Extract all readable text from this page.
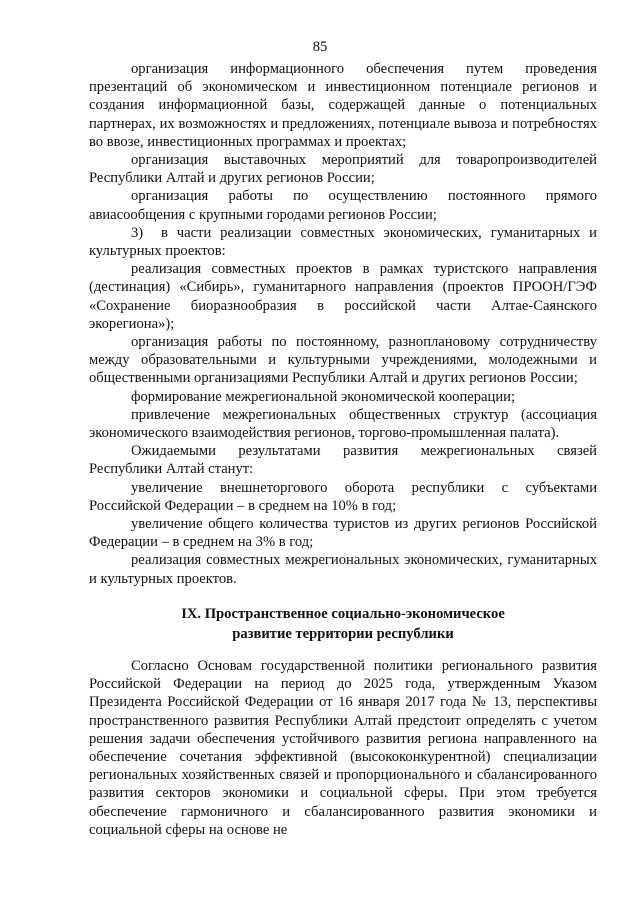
85

организация информационного обеспечения путем проведения презентаций об экономическом и инвестиционном потенциале регионов и создания информационной базы, содержащей данные о потенциальных партнерах, их возможностях и предложениях, потенциале вывоза и потребностях во ввозе, инвестиционных программах и проектах;

организация выставочных мероприятий для товаропроизводителей Республики Алтай и других регионов России;

организация работы по осуществлению постоянного прямого авиасообщения с крупными городами регионов России;

3) в части реализации совместных экономических, гуманитарных и культурных проектов:

реализация совместных проектов в рамках туристского направления (дестинация) «Сибирь», гуманитарного направления (проектов ПРООН/ГЭФ «Сохранение биоразнообразия в российской части Алтае-Саянского экорегиона»);

организация работы по постоянному, разноплановому сотрудничеству между образовательными и культурными учреждениями, молодежными и общественными организациями Республики Алтай и других регионов России;

формирование межрегиональной экономической кооперации;

привлечение межрегиональных общественных структур (ассоциация экономического взаимодействия регионов, торгово-промышленная палата).

Ожидаемыми результатами развития межрегиональных связей Республики Алтай станут:

увеличение внешнеторгового оборота республики с субъектами Российской Федерации – в среднем на 10% в год;

увеличение общего количества туристов из других регионов Российской Федерации – в среднем на 3% в год;

реализация совместных межрегиональных экономических, гуманитарных и культурных проектов.

IX. Пространственное социально-экономическое
развитие территории республики

Согласно Основам государственной политики регионального развития Российской Федерации на период до 2025 года, утвержденным Указом Президента Российской Федерации от 16 января 2017 года № 13, перспективы пространственного развития Республики Алтай предстоит определять с учетом решения задачи обеспечения устойчивого развития региона направленного на обеспечение сочетания эффективной (высококонкурентной) специализации региональных хозяйственных связей и пропорционального и сбалансированного развития секторов экономики и социальной сферы. При этом требуется обеспечение гармоничного и сбалансированного развития экономики и социальной сферы на основе не
